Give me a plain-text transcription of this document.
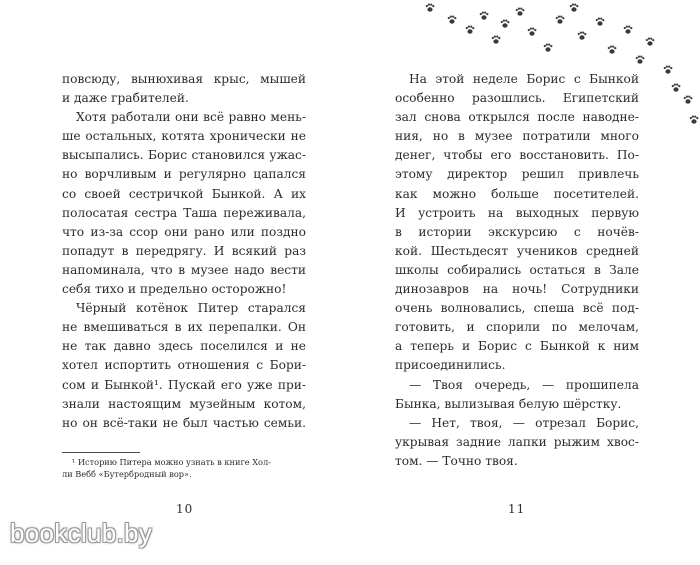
повсюду, вынюхивая крыс, мышей
и даже грабителей.
Хотя работали они всё равно мень-
ше остальных, котята хронически не
высыпались. Борис становился ужас-
но ворчливым и регулярно цапался
со своей сестричкой Бынкой. А их
полосатая сестра Таша переживала,
что из-за ссор они рано или поздно
попадут в передрягу. И всякий раз
напоминала, что в музее надо вести
себя тихо и предельно осторожно!
Чёрный котёнок Питер старался
не вмешиваться в их перепалки. Он
не так давно здесь поселился и не
хотел испортить отношения с Бори-
сом и Бынкой¹. Пускай его уже при-
знали настоящим музейным котом,
но он всё-таки не был частью семьи.
¹ Историю Питера можно узнать в книге Хол-
ли Вебб «Бутербродный вор».
10
На этой неделе Борис с Бынкой
особенно разошлись. Египетский
зал снова открылся после наводне-
ния, но в музее потратили много
денег, чтобы его восстановить. По-
этому директор решил привлечь
как можно больше посетителей.
И устроить на выходных первую
в истории экскурсию с ночёв-
кой. Шестьдесят учеников средней
школы собирались остаться в Зале
динозавров на ночь! Сотрудники
очень волновались, спеша всё под-
готовить, и спорили по мелочам,
а теперь и Борис с Бынкой к ним
присоединились.
— Твоя очередь, — прошипела
Бынка, вылизывая белую шёрстку.
— Нет, твоя, — отрезал Борис,
укрывая задние лапки рыжим хвос-
том. — Точно твоя.
11
bookclub.by
